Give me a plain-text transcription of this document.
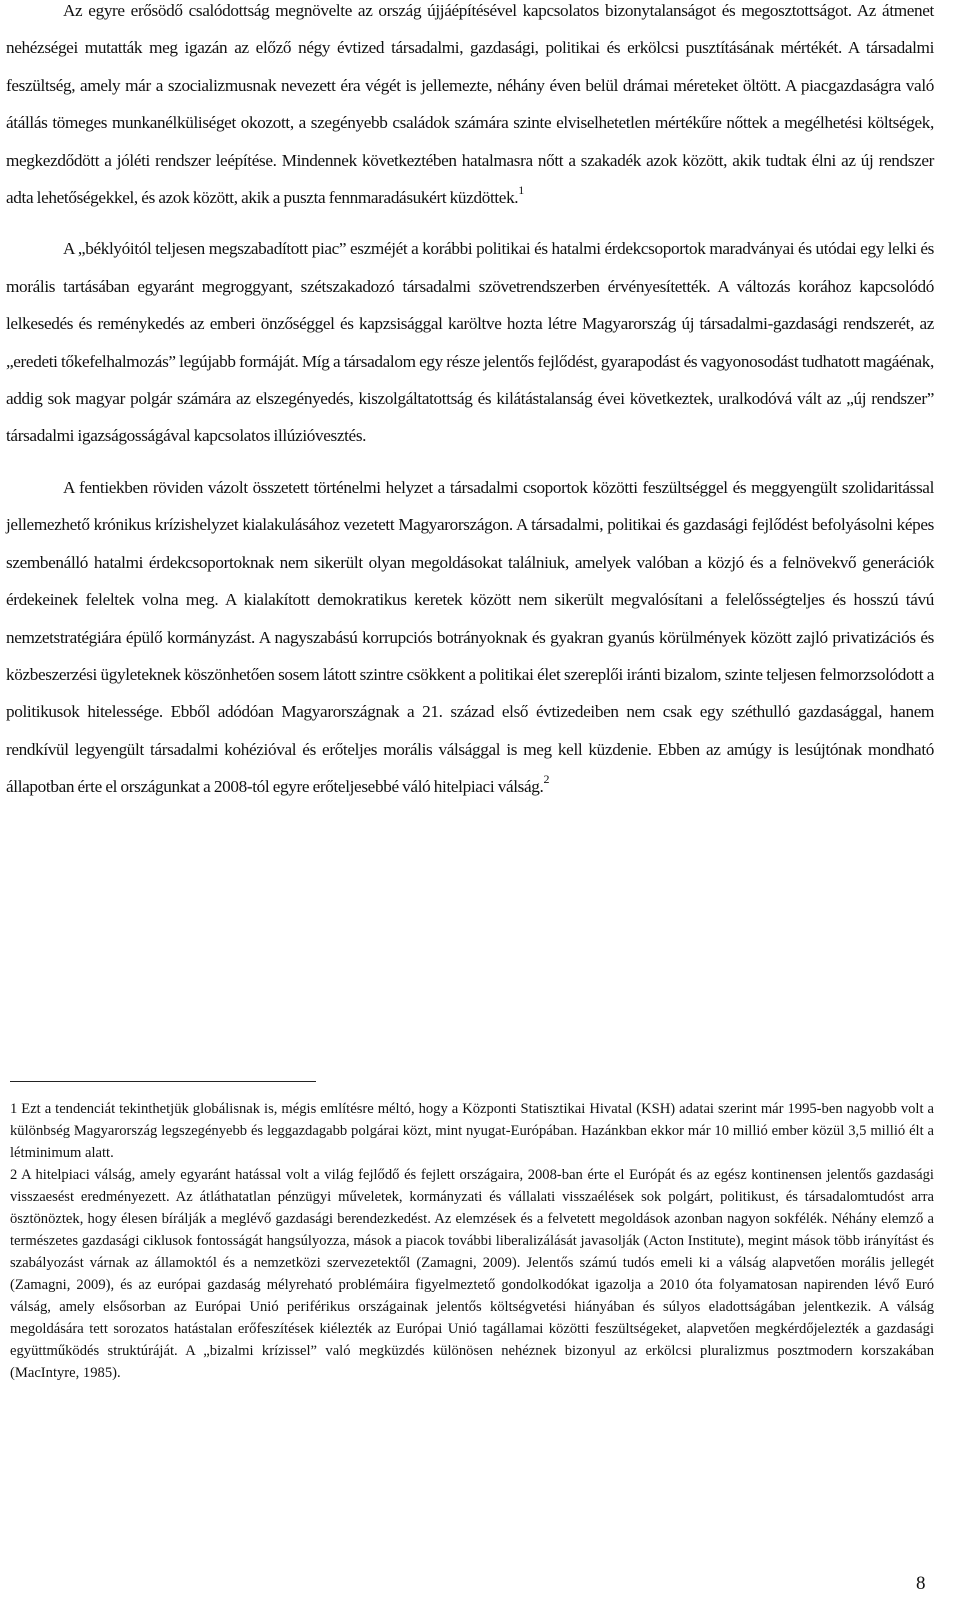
Az egyre erősödő csalódottság megnövelte az ország újjáépítésével kapcsolatos bizonytalanságot és megosztottságot. Az átmenet nehézségei mutatták meg igazán az előző négy évtized társadalmi, gazdasági, politikai és erkölcsi pusztításának mértékét. A társadalmi feszültség, amely már a szocializmusnak nevezett éra végét is jellemezte, néhány éven belül drámai méreteket öltött. A piacgazdaságra való átállás tömeges munkanélküliséget okozott, a szegényebb családok számára szinte elviselhetetlen mértékűre nőttek a megélhetési költségek, megkezdődött a jóléti rendszer leépítése. Mindennek következtében hatalmasra nőtt a szakadék azok között, akik tudtak élni az új rendszer adta lehetőségekkel, és azok között, akik a puszta fennmaradásukért küzdöttek.$^1$

A „béklyóitól teljesen megszabadított piac” eszméjét a korábbi politikai és hatalmi érdekcsoportok maradványai és utódai egy lelki és morális tartásában egyaránt megroggyant, szétszakadozó társadalmi szövetrendszerben érvényesítették. A változás korához kapcsolódó lelkesedés és reménykedés az emberi önzőséggel és kapzsisággal karöltve hozta létre Magyarország új társadalmi-gazdasági rendszerét, az „eredeti tőkefelhalmozás” legújabb formáját. Míg a társadalom egy része jelentős fejlődést, gyarapodást és vagyonosodást tudhatott magáénak, addig sok magyar polgár számára az elszegényedés, kiszolgáltatottság és kilátástalanság évei következtek, uralkodóvá vált az „új rendszer” társadalmi igazságosságával kapcsolatos illúzióvesztés.

A fentiekben röviden vázolt összetett történelmi helyzet a társadalmi csoportok közötti feszültséggel és meggyengült szolidaritással jellemezhető krónikus krízishelyzet kialakulásához vezetett Magyarországon. A társadalmi, politikai és gazdasági fejlődést befolyásolni képes szembenálló hatalmi érdekcsoportoknak nem sikerült olyan megoldásokat találniuk, amelyek valóban a közjó és a felnövekvő generációk érdekeinek feleltek volna meg. A kialakított demokratikus keretek között nem sikerült megvalósítani a felelősségteljes és hosszú távú nemzetstratégiára épülő kormányzást. A nagyszabású korrupciós botrányoknak és gyakran gyanús körülmények között zajló privatizációs és közbeszerzési ügyleteknek köszönhetően sosem látott szintre csökkent a politikai élet szereplői iránti bizalom, szinte teljesen felmorzsolódott a politikusok hitelessége. Ebből adódóan Magyarországnak a 21. század első évtizedeiben nem csak egy széthulló gazdasággal, hanem rendkívül legyengült társadalmi kohézióval és erőteljes morális válsággal is meg kell küzdenie. Ebben az amúgy is lesújtónak mondható állapotban érte el országunkat a 2008-tól egyre erőteljesebbé váló hitelpiaci válság.$^2$

1 Ezt a tendenciát tekinthetjük globálisnak is, mégis említésre méltó, hogy a Központi Statisztikai Hivatal (KSH) adatai szerint már 1995-ben nagyobb volt a különbség Magyarország legszegényebb és leggazdagabb polgárai közt, mint nyugat-Európában. Hazánkban ekkor már 10 millió ember közül 3,5 millió élt a létminimum alatt.

2 A hitelpiaci válság, amely egyaránt hatással volt a világ fejlődő és fejlett országaira, 2008-ban érte el Európát és az egész kontinensen jelentős gazdasági visszaesést eredményezett. Az átláthatatlan pénzügyi műveletek, kormányzati és vállalati visszaélések sok polgárt, politikust, és társadalomtudóst arra ösztönöztek, hogy élesen bírálják a meglévő gazdasági berendezkedést. Az elemzések és a felvetett megoldások azonban nagyon sokfélék. Néhány elemző a természetes gazdasági ciklusok fontosságát hangsúlyozza, mások a piacok további liberalizálását javasolják (Acton Institute), megint mások több irányítást és szabályozást várnak az államoktól és a nemzetközi szervezetektől (Zamagni, 2009). Jelentős számú tudós emeli ki a válság alapvetően morális jellegét (Zamagni, 2009), és az európai gazdaság mélyreható problémáira figyelmeztető gondolkodókat igazolja a 2010 óta folyamatosan napirenden lévő Euró válság, amely elsősorban az Európai Unió periférikus országainak jelentős költségvetési hiányában és súlyos eladottságában jelentkezik. A válság megoldására tett sorozatos hatástalan erőfeszítések kiélezték az Európai Unió tagállamai közötti feszültségeket, alapvetően megkérdőjelezték a gazdasági együttműködés struktúráját. A „bizalmi krízissel” való megküzdés különösen nehéznek bizonyul az erkölcsi pluralizmus posztmodern korszakában (MacIntyre, 1985).

8
